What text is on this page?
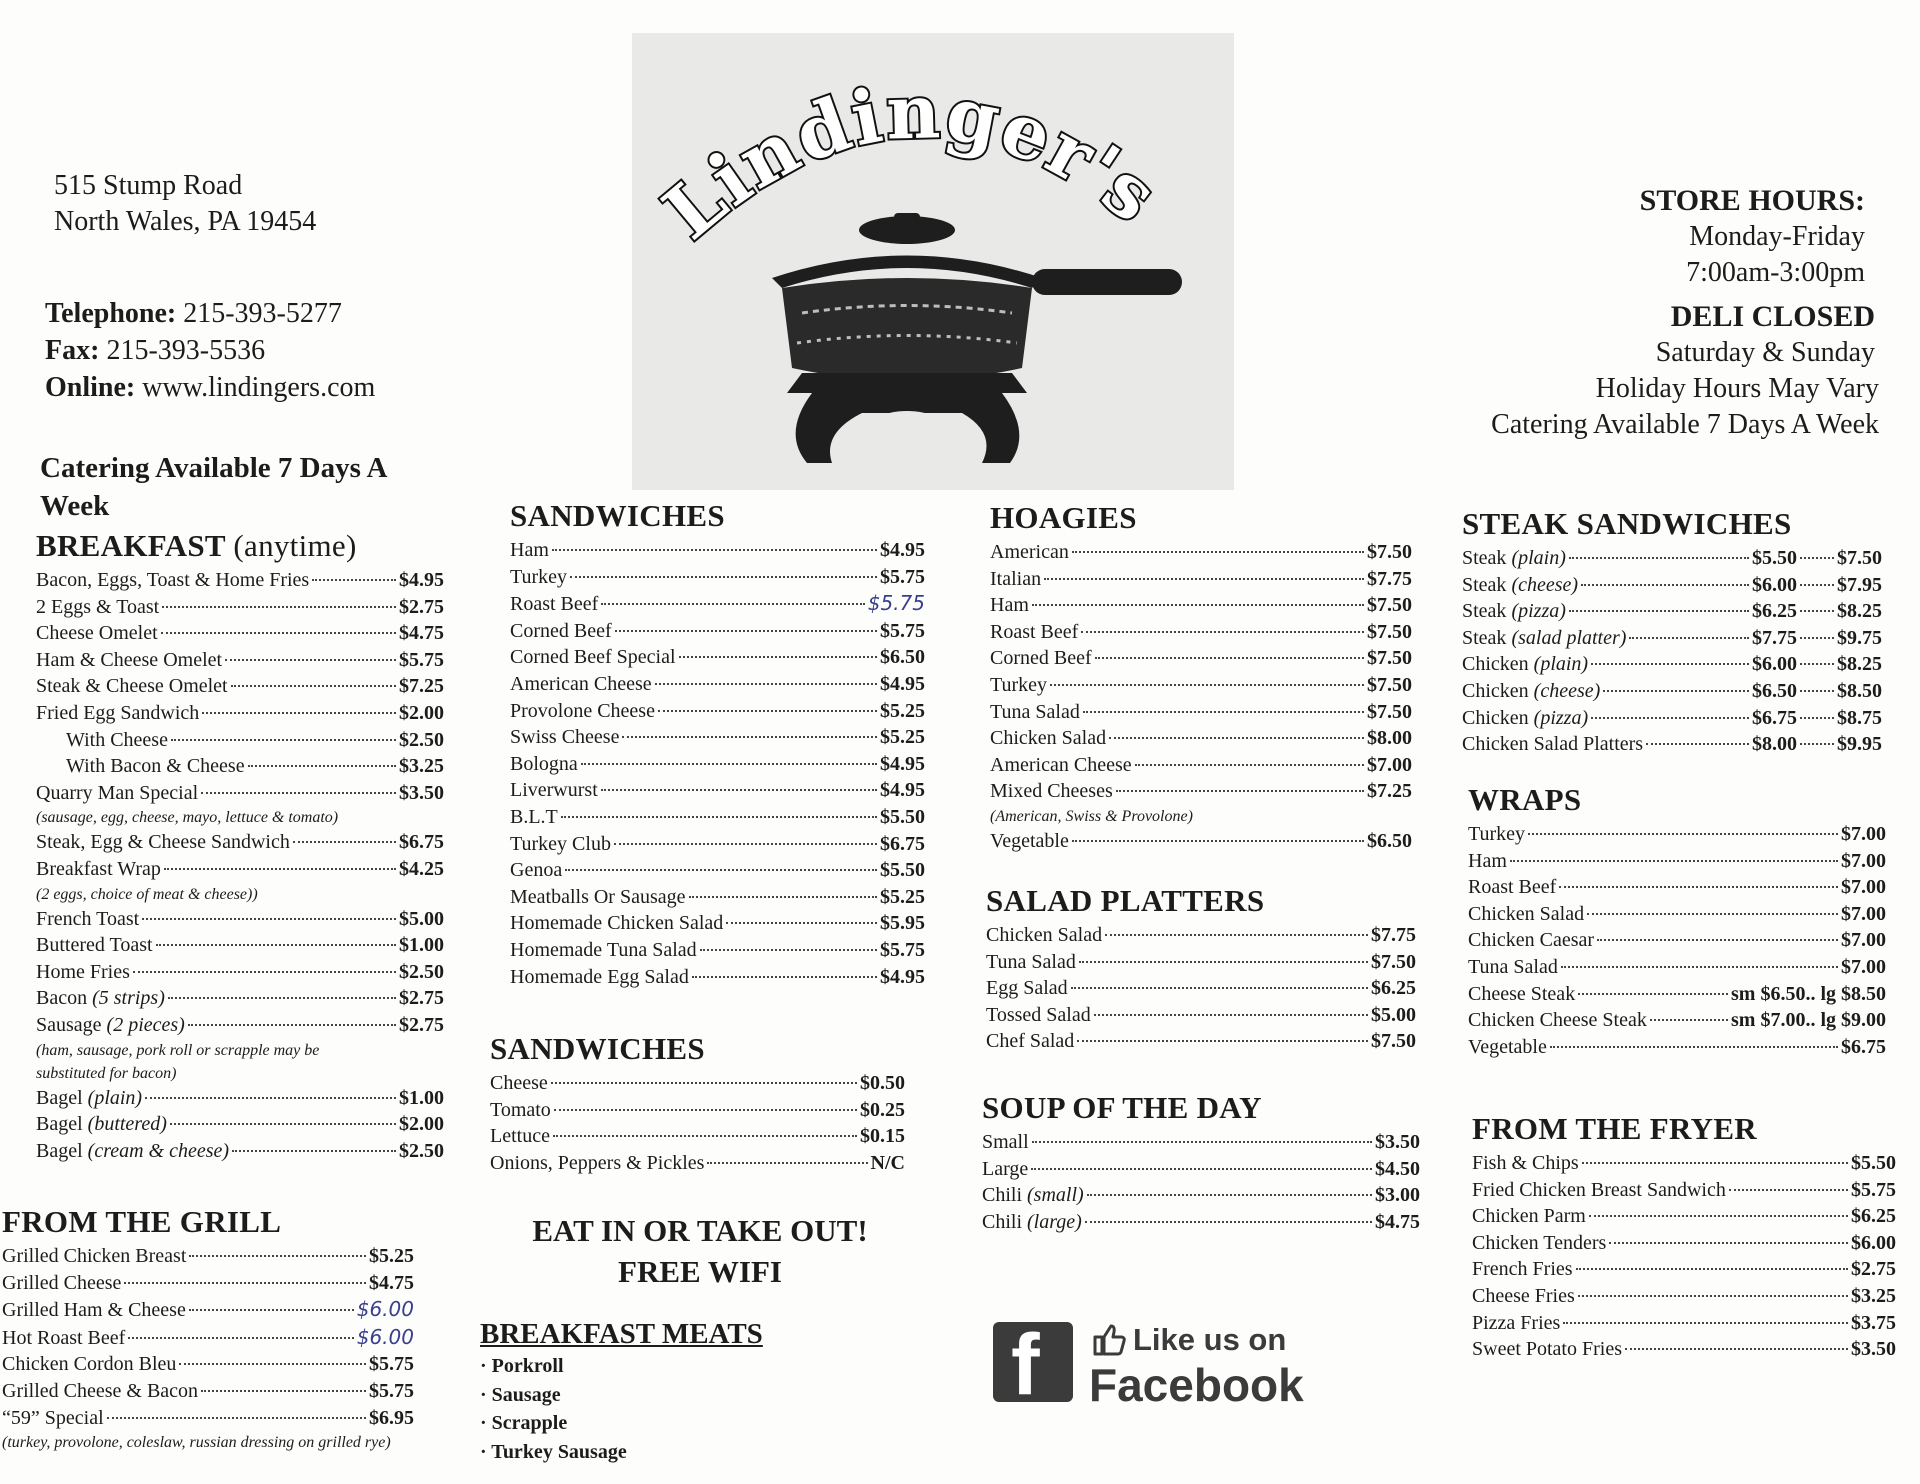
515 Stump Road
North Wales, PA 19454
Telephone: 215-393-5277
Fax: 215-393-5536
Online: www.lindingers.com
Catering Available 7 Days A
Week
Lindinger's	STORE HOURS:
Monday-Friday
7:00am-3:00pm
DELI CLOSED
Saturday & Sunday
Holiday Hours May Vary
Catering Available 7 Days A Week
BREAKFAST (anytime)
Bacon, Eggs, Toast & Home Fries	$4.95
2 Eggs & Toast	$2.75
Cheese Omelet	$4.75
Ham & Cheese Omelet	$5.75
Steak & Cheese Omelet	$7.25
Fried Egg Sandwich	$2.00
With Cheese	$2.50
With Bacon & Cheese	$3.25
Quarry Man Special	$3.50
(sausage, egg, cheese, mayo, lettuce & tomato)
Steak, Egg & Cheese Sandwich	$6.75
Breakfast Wrap	$4.25
(2 eggs, choice of meat & cheese))
French Toast	$5.00
Buttered Toast	$1.00
Home Fries	$2.50
Bacon (5 strips)	$2.75
Sausage (2 pieces)	$2.75
(ham, sausage, pork roll or scrapple may be
substituted for bacon)
Bagel (plain)	$1.00
Bagel (buttered)	$2.00
Bagel (cream & cheese)	$2.50
FROM THE GRILL
Grilled Chicken Breast	$5.25
Grilled Cheese	$4.75
Grilled Ham & Cheese	$6.00
Hot Roast Beef	$6.00
Chicken Cordon Bleu	$5.75
Grilled Cheese & Bacon	$5.75
“59” Special	$6.95
(turkey, provolone, coleslaw, russian dressing on grilled rye)
SANDWICHES
Ham	$4.95
Turkey	$5.75
Roast Beef	$5.75
Corned Beef	$5.75
Corned Beef Special	$6.50
American Cheese	$4.95
Provolone Cheese	$5.25
Swiss Cheese	$5.25
Bologna	$4.95
Liverwurst	$4.95
B.L.T	$5.50
Turkey Club	$6.75
Genoa	$5.50
Meatballs Or Sausage	$5.25
Homemade Chicken Salad	$5.95
Homemade Tuna Salad	$5.75
Homemade Egg Salad	$4.95
SANDWICHES
Cheese	$0.50
Tomato	$0.25
Lettuce	$0.15
Onions, Peppers & Pickles	N/C
EAT IN OR TAKE OUT!
FREE WIFI
BREAKFAST MEATS
· Porkroll
· Sausage
· Scrapple
· Turkey Sausage
HOAGIES
American	$7.50
Italian	$7.75
Ham	$7.50
Roast Beef	$7.50
Corned Beef	$7.50
Turkey	$7.50
Tuna Salad	$7.50
Chicken Salad	$8.00
American Cheese	$7.00
Mixed Cheeses	$7.25
(American, Swiss & Provolone)
Vegetable	$6.50
SALAD PLATTERS
Chicken Salad	$7.75
Tuna Salad	$7.50
Egg Salad	$6.25
Tossed Salad	$5.00
Chef Salad	$7.50
SOUP OF THE DAY
Small	$3.50
Large	$4.50
Chili (small)	$3.00
Chili (large)	$4.75
f	Like us on
Facebook
STEAK SANDWICHES
Steak (plain)	$5.50 $7.50
Steak (cheese)	$6.00 $7.95
Steak (pizza)	$6.25 $8.25
Steak (salad platter)	$7.75 $9.75
Chicken (plain)	$6.00 $8.25
Chicken (cheese)	$6.50 $8.50
Chicken (pizza)	$6.75 $8.75
Chicken Salad Platters	$8.00 $9.95
WRAPS
Turkey	$7.00
Ham	$7.00
Roast Beef	$7.00
Chicken Salad	$7.00
Chicken Caesar	$7.00
Tuna Salad	$7.00
Cheese Steak	sm $6.50.. lg $8.50
Chicken Cheese Steak	sm $7.00.. lg $9.00
Vegetable	$6.75
FROM THE FRYER
Fish & Chips	$5.50
Fried Chicken Breast Sandwich	$5.75
Chicken Parm	$6.25
Chicken Tenders	$6.00
French Fries	$2.75
Cheese Fries	$3.25
Pizza Fries	$3.75
Sweet Potato Fries	$3.50
